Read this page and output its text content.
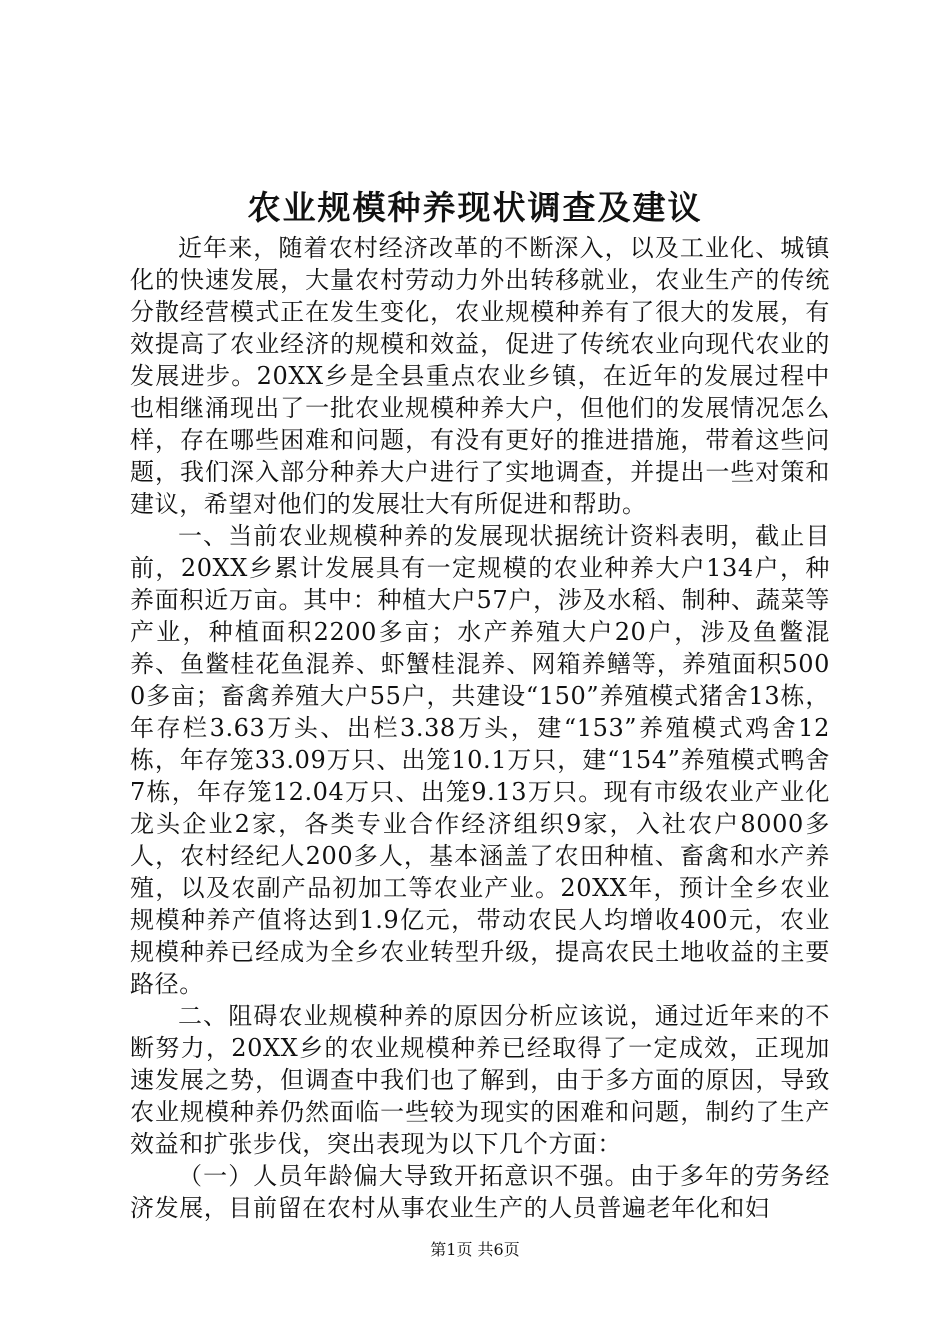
农业规模种养现状调查及建议

近年来，随着农村经济改革的不断深入，以及工业化、城镇化的快速发展，大量农村劳动力外出转移就业，农业生产的传统分散经营模式正在发生变化，农业规模种养有了很大的发展，有效提高了农业经济的规模和效益，促进了传统农业向现代农业的发展进步。20XX乡是全县重点农业乡镇，在近年的发展过程中也相继涌现出了一批农业规模种养大户，但他们的发展情况怎么样，存在哪些困难和问题，有没有更好的推进措施，带着这些问题，我们深入部分种养大户进行了实地调查，并提出一些对策和建议，希望对他们的发展壮大有所促进和帮助。

一、当前农业规模种养的发展现状据统计资料表明，截止目前，20XX乡累计发展具有一定规模的农业种养大户134户，种养面积近万亩。其中：种植大户57户，涉及水稻、制种、蔬菜等产业，种植面积2200多亩；水产养殖大户20户，涉及鱼鳖混养、鱼鳖桂花鱼混养、虾蟹桂混养、网箱养鳝等，养殖面积5000多亩；畜禽养殖大户55户，共建设“150”养殖模式猪舍13栋，年存栏3.63万头、出栏3.38万头，建“153”养殖模式鸡舍12栋，年存笼33.09万只、出笼10.1万只，建“154”养殖模式鸭舍7栋，年存笼12.04万只、出笼9.13万只。现有市级农业产业化龙头企业2家，各类专业合作经济组织9家，入社农户8000多人，农村经纪人200多人，基本涵盖了农田种植、畜禽和水产养殖，以及农副产品初加工等农业产业。20XX年，预计全乡农业规模种养产值将达到1.9亿元，带动农民人均增收400元，农业规模种养已经成为全乡农业转型升级，提高农民土地收益的主要路径。

二、阻碍农业规模种养的原因分析应该说，通过近年来的不断努力，20XX乡的农业规模种养已经取得了一定成效，正现加速发展之势，但调查中我们也了解到，由于多方面的原因，导致农业规模种养仍然面临一些较为现实的困难和问题，制约了生产效益和扩张步伐，突出表现为以下几个方面：

（一）人员年龄偏大导致开拓意识不强。由于多年的劳务经济发展，目前留在农村从事农业生产的人员普遍老年化和妇

第1页 共6页
